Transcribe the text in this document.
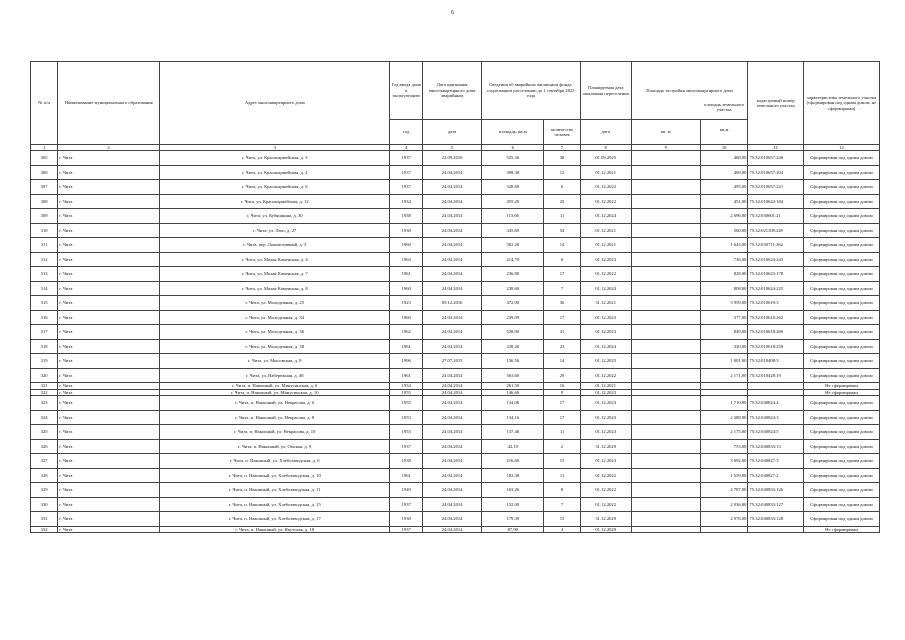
6
№ п/п	Наименование муниципального образования	Адрес многоквартирного дома	Год ввода дома в эксплуатацию	Дата признания многоквартирного дома аварийным	Сведения об аварийном жилищном фонде, подлежащем расселению до 1 сентября 2025 года		Планируемая дата окончания переселения	Площадь застройки многоквартирного дома		кадастровый номер земельного участка	характеристика земельного участка (сформирован под одним домом, не сформирован)
			год	дата	площадь, кв.м	количество человек	дата	кв. м	площадь земельного участка
кв.м		
1	2	3	4	5	6	7	8	9	10	11	12
305	г. Чита	г. Чита, ул. Красноармейская, д. 3	1937	23.09.2016	525,36	38	01.09.2025		468,00	75:32:010657:246	Сформирован под одним домом
306	г. Чита	г. Чита, ул. Красноармейская, д. 4	1937	24.04.2014	398,30	12	01.12.2021		469,00	75:32:010657:204	Сформирован под одним домом
307	г. Чита	г. Чита, ул. Красноармейская, д. 6	1937	24.04.2014	328,69	6	01.12.2022		495,00	75:32:010657:221	Сформирован под одним домом
308	г. Чита	г. Чита, ул. Красноармейская, д. 12	1934	24.04.2014	455,29	25	01.12.2022		451,00	75:32:010642:184	Сформирован под одним домом
309	г. Чита	г. Чита, ул. Кубяшкина, д. 30	1938	24.04.2014	115,66	11	01.12.2024		2 696,00	75:32:030601:21	Сформирован под одним домом
310	г. Чита	г. Чита, ул. Лазо, д. 27	1938	24.04.2014	345,69	54	01.12.2021		560,00	75:32:021108:249	Сформирован под одним домом
311	г. Чита	г. Чита, пер. Локомотивный, д. 3	1960	24.04.2014	502,26	14	01.12.2021		1 644,00	75:32:030711:362	Сформирован под одним домом
312	г. Чита	г. Чита, ул. Малая Каменская, д. 4	1963	24.04.2014	214,70	6	01.12.2023		736,00	75:32:010624:243	Сформирован под одним домом
313	г. Чита	г. Чита, ул. Малая Каменская, д. 7	1961	24.04.2014	236,80	17	01.12.2022		828,00	75:32:010623:178	Сформирован под одним домом
314	г. Чита	г. Чита, ул. Малая Каменская, д. 8	1960	24.04.2014	238,60	7	01.12.2024		808,00	75:32:010624:225	Сформирован под одним домом
315	г. Чита	г. Чита, ул. Молодежная, д. 25	1923	09.12.2016	472,00	36	31.12.2021		3 959,00	75:32:010619:3	Сформирован под одним домом
316	г. Чита	г. Чита, ул. Молодежная, д. 34	1960	24.04.2014	239,09	17	01.12.2023		377,00	75:32:010618:262	Сформирован под одним домом
317	г. Чита	г. Чита, ул. Молодежная, д. 36	1962	24.04.2014	528,90	41	01.12.2023		849,00	75:32:010618:260	Сформирован под одним домом
318	г. Чита	г. Чита, ул. Молодежная, д. 38	1961	24.04.2014	238,26	23	01.12.2024		320,00	75:32:010618:258	Сформирован под одним домом
319	г. Чита	г. Чита, ул. Мысовская, д. 8	1996	27.07.2015	136,56	14	01.12.2025		1 001,00	75:32:010408:3	Сформирован под одним домом
320	г. Чита	г. Чита, ул. Набережная, д. 48	1961	24.04.2014	563,60	29	01.12.2022		2 171,00	75:32:010428:19	Сформирован под одним домом
321	г. Чита	г. Чита, п. Накопный, ул. Минусинская, д. 6	1934	24.04.2014	261,50	16	01.12.2021				Не сформирован
322	г. Чита	г. Чита, п. Накопный, ул. Минусинская, д. 10	1955	24.04.2014	146,60	9	01.12.2023				Не сформирован
323	г. Чита	г. Чита, п. Накопный, ул. Некрасова, д. 6	1955	24.04.2014	134,06	17	01.12.2023		1 710,00	75:32:040824:4	Сформирован под одним домом
324	г. Чита	г. Чита, п. Накопный, ул. Некрасова, д. 8	1953	24.04.2014	134,16	17	01.12.2023		2 288,00	75:32:040824:3	Сформирован под одним домом
325	г. Чита	г. Чита, п. Накопный, ул. Некрасова, д. 10	1953	24.04.2014	137,46	11	01.12.2023		2 175,00	75:32:040824:5	Сформирован под одним домом
326	г. Чита	г. Чита, п. Накопный, ул. Омская, д. 9	1937	24.04.2014	42,10	2	31.12.2029		753,00	75:32:040833:13	Сформирован под одним домом
327	г. Чита	г. Чита, п. Накопный, ул. Хлебозаводская, д. 6	1938	24.04.2014	216,60	15	01.12.2023		3 092,00	75:32:040827:3	Сформирован под одним домом
328	г. Чита	г. Чита, п. Накопный, ул. Хлебозаводская, д. 10	1961	24.04.2014	182,38	11	01.12.2022		1 559,00	75:32:040827:2	Сформирован под одним домом
329	г. Чита	г. Чита, п. Накопный, ул. Хлебозаводская, д. 11	1949	24.04.2014	163,26	8	01.12.2022		2 787,00	75:32:040833:126	Сформирован под одним домом
330	г. Чита	г. Чита, п. Накопный, ул. Хлебозаводская, д. 15	1937	24.04.2014	132,00	7	01.12.2022		2 036,00	75:32:040833:127	Сформирован под одним домом
331	г. Чита	г. Чита, п. Накопный, ул. Хлебозаводская, д. 17	1938	24.04.2014	179,39	15	31.12.2029		2 076,00	75:32:040833:128	Сформирован под одним домом
332	г. Чита	г. Чита, п. Накопный, ул. Якутская, д. 18	1937	24.04.2014	87,90	4	01.12.2029				Не сформирован
